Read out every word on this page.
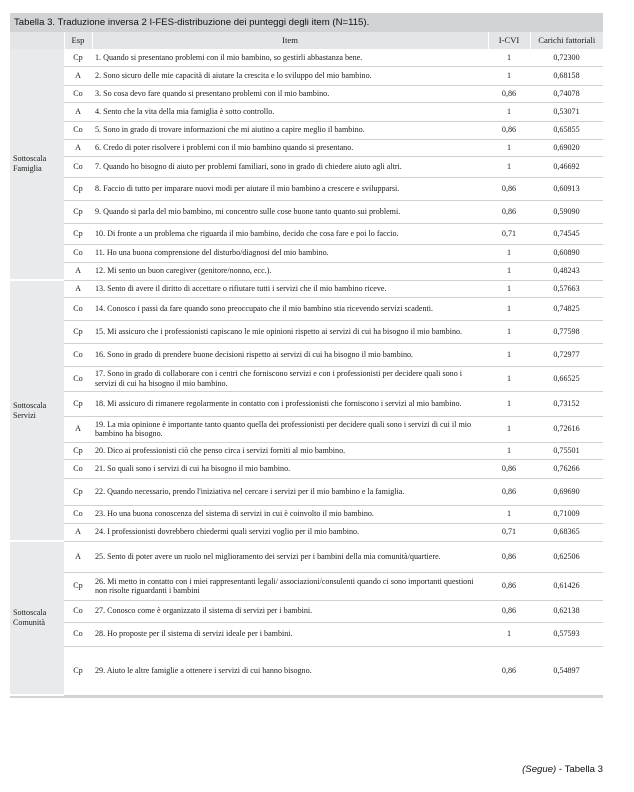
Tabella 3. Traduzione inversa 2 I-FES-distribuzione dei punteggi degli item (N=115).
	Esp	Item	I-CVI	Carichi fattoriali

Sottoscala
Famiglia	Cp	1. Quando si presentano problemi con il mio bambino, so gestirli abbastanza bene.	1	0,72300
	A	2. Sono sicuro delle mie capacità di aiutare la crescita e lo sviluppo del mio bambino.	1	0,68158
	Co	3. So cosa devo fare quando si presentano problemi con il mio bambino.	0,86	0,74078
	A	4. Sento che la vita della mia famiglia è sotto controllo.	1	0,53071
	Co	5. Sono in grado di trovare informazioni che mi aiutino a capire meglio il bambino.	0,86	0,65855
	A	6. Credo di poter risolvere i problemi con il mio bambino quando si presentano.	1	0,69020
	Co	7. Quando ho bisogno di aiuto per problemi familiari, sono in grado di chiedere aiuto agli altri.	1	0,46692
	Cp	8. Faccio di tutto per imparare nuovi modi per aiutare il mio bambino a crescere e svilupparsi.	0,86	0,60913
	Cp	9. Quando si parla del mio bambino, mi concentro sulle cose buone tanto quanto sui problemi.	0,86	0,59090
	Cp	10. Di fronte a un problema che riguarda il mio bambino, decido che cosa fare e poi lo faccio.	0,71	0,74545
	Co	11. Ho una buona comprensione del disturbo/diagnosi del mio bambino.	1	0,60890
	A	12. Mi sento un buon caregiver (genitore/nonno, ecc.).	1	0,48243

Sottoscala
Servizi	A	13. Sento di avere il diritto di accettare o rifiutare tutti i servizi che il mio bambino riceve.	1	0,57663
	Co	14. Conosco i passi da fare quando sono preoccupato che il mio bambino stia ricevendo servizi scadenti.	1	0,74825
	Cp	15. Mi assicuro che i professionisti capiscano le mie opinioni rispetto ai servizi di cui ha bisogno il mio bambino.	1	0,77598
	Co	16. Sono in grado di prendere buone decisioni rispetto ai servizi di cui ha bisogno il mio bambino.	1	0,72977
	Co	17. Sono in grado di collaborare con i centri che forniscono servizi e con i professionisti per decidere quali sono i servizi di cui ha bisogno il mio bambino.	1	0,66525
	Cp	18. Mi assicuro di rimanere regolarmente in contatto con i professionisti che forniscono i servizi al mio bambino.	1	0,73152
	A	19. La mia opinione è importante tanto quanto quella dei professionisti per decidere quali sono i servizi di cui il mio bambino ha bisogno.	1	0,72616
	Cp	20. Dico ai professionisti ciò che penso circa i servizi forniti al mio bambino.	1	0,75501
	Co	21. So quali sono i servizi di cui ha bisogno il mio bambino.	0,86	0,76266
	Cp	22. Quando necessario, prendo l'iniziativa nel cercare i servizi per il mio bambino e la famiglia.	0,86	0,69690
	Co	23. Ho una buona conoscenza del sistema di servizi in cui è coinvolto il mio bambino.	1	0,71009
	A	24. I professionisti dovrebbero chiedermi quali servizi voglio per il mio bambino.	0,71	0,68365

Sottoscala
Comunità	A	25. Sento di poter avere un ruolo nel miglioramento dei servizi per i bambini della mia comunità/quartiere.	0,86	0,62506
	Cp	26. Mi metto in contatto con i miei rappresentanti legali/ associazioni/consulenti quando ci sono importanti questioni non risolte riguardanti i bambini	0,86	0,61426
	Co	27. Conosco come è organizzato il sistema di servizi per i bambini.	0,86	0,62138
	Co	28. Ho proposte per il sistema di servizi ideale per i bambini.	1	0,57593
	Cp	29. Aiuto le altre famiglie a ottenere i servizi di cui hanno bisogno.	0,86	0,54897
(Segue) - Tabella 3
